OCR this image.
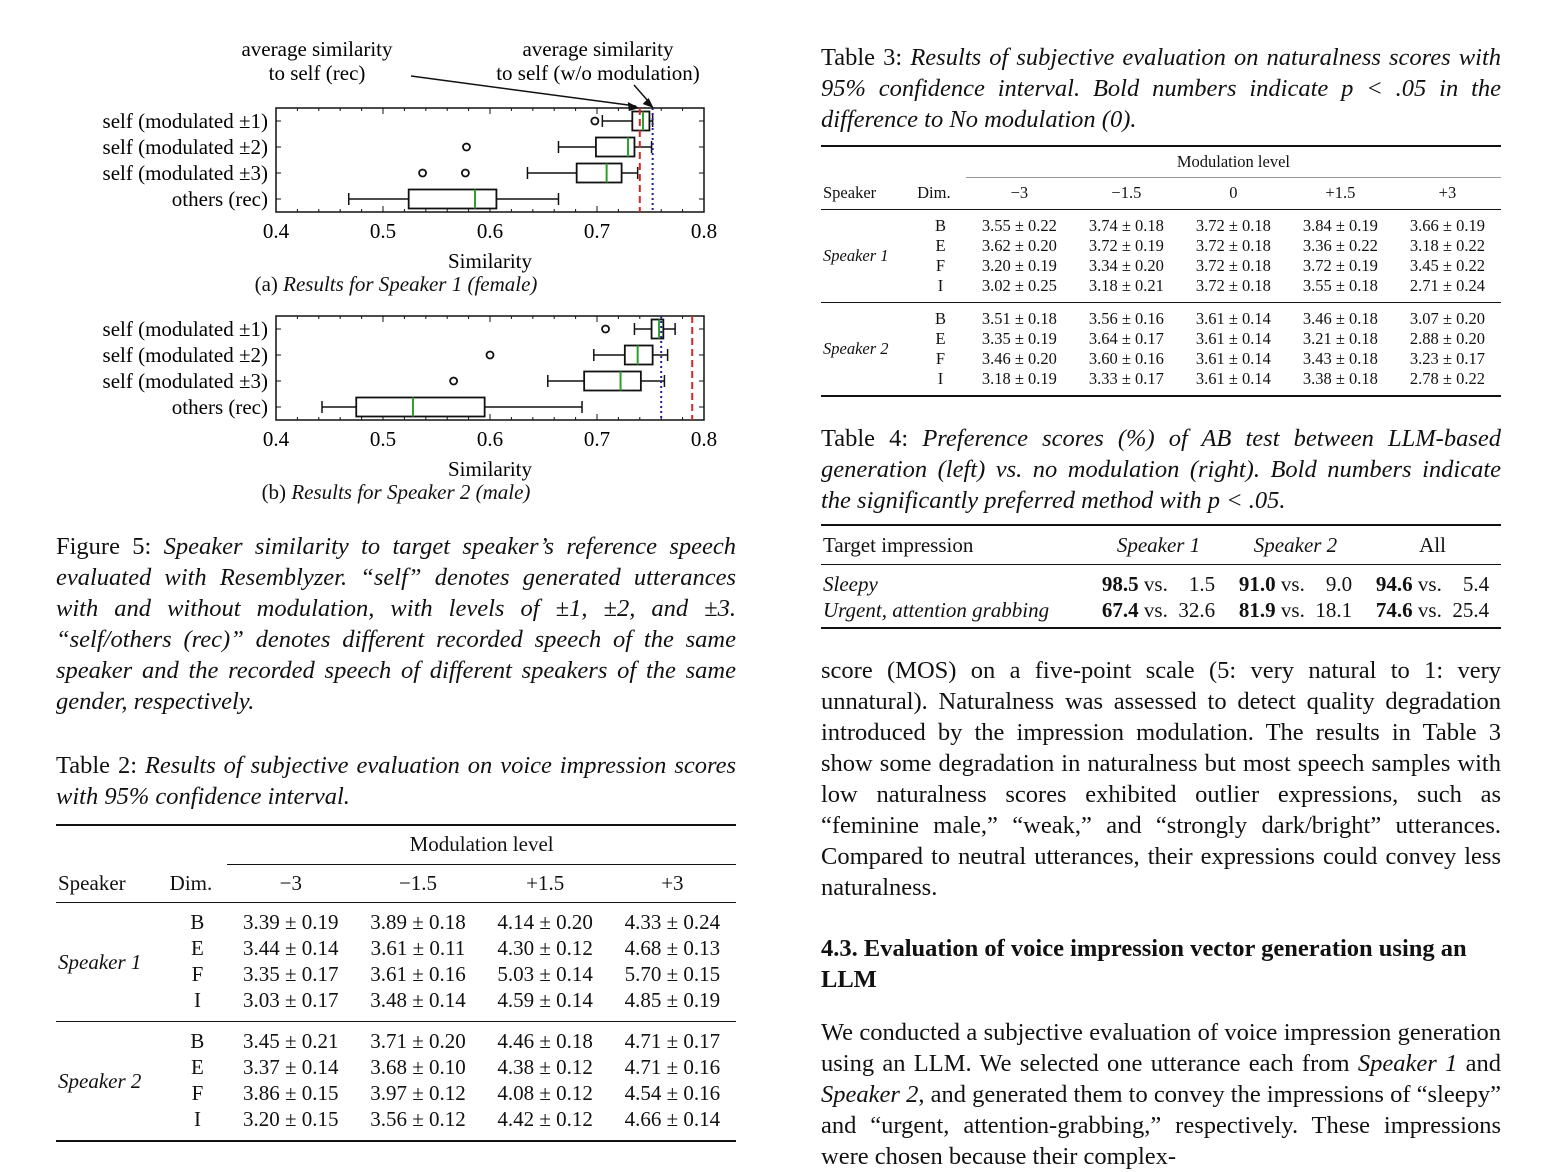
average similarity
to self (rec)
average similarity
to self (w/o modulation)
0.4	0.5	0.6	0.7	0.8
Similarity
self (modulated ±1)
self (modulated ±2)
self (modulated ±3)
others (rec)
0.4	0.5	0.6	0.7	0.8
Similarity
self (modulated ±1)
self (modulated ±2)
self (modulated ±3)
others (rec)

(a) Results for Speaker 1 (female)

(b) Results for Speaker 2 (male)

Figure 5: Speaker similarity to target speaker’s reference speech evaluated with Resemblyzer. “self” denotes generated utterances with and without modulation, with levels of ±1, ±2, and ±3. “self/others (rec)” denotes different recorded speech of the same speaker and the recorded speech of different speakers of the same gender, respectively.

Table 2: Results of subjective evaluation on voice impression scores with 95% confidence interval.

		Modulation level			
Speaker	Dim.	−3	−1.5	+1.5	+3
Speaker 1	B	3.39 ± 0.19	3.89 ± 0.18	4.14 ± 0.20	4.33 ± 0.24
	E	3.44 ± 0.14	3.61 ± 0.11	4.30 ± 0.12	4.68 ± 0.13
	F	3.35 ± 0.17	3.61 ± 0.16	5.03 ± 0.14	5.70 ± 0.15
	I	3.03 ± 0.17	3.48 ± 0.14	4.59 ± 0.14	4.85 ± 0.19
Speaker 2	B	3.45 ± 0.21	3.71 ± 0.20	4.46 ± 0.18	4.71 ± 0.17
	E	3.37 ± 0.14	3.68 ± 0.10	4.38 ± 0.12	4.71 ± 0.16
	F	3.86 ± 0.15	3.97 ± 0.12	4.08 ± 0.12	4.54 ± 0.16
	I	3.20 ± 0.15	3.56 ± 0.12	4.42 ± 0.12	4.66 ± 0.14

Table 3: Results of subjective evaluation on naturalness scores with 95% confidence interval. Bold numbers indicate p < .05 in the difference to No modulation (0).

		Modulation level				
Speaker	Dim.	−3	−1.5	0	+1.5	+3
Speaker 1	B	3.55 ± 0.22	3.74 ± 0.18	3.72 ± 0.18	3.84 ± 0.19	3.66 ± 0.19
	E	3.62 ± 0.20	3.72 ± 0.19	3.72 ± 0.18	3.36 ± 0.22	3.18 ± 0.22
	F	3.20 ± 0.19	3.34 ± 0.20	3.72 ± 0.18	3.72 ± 0.19	3.45 ± 0.22
	I	3.02 ± 0.25	3.18 ± 0.21	3.72 ± 0.18	3.55 ± 0.18	2.71 ± 0.24
Speaker 2	B	3.51 ± 0.18	3.56 ± 0.16	3.61 ± 0.14	3.46 ± 0.18	3.07 ± 0.20
	E	3.35 ± 0.19	3.64 ± 0.17	3.61 ± 0.14	3.21 ± 0.18	2.88 ± 0.20
	F	3.46 ± 0.20	3.60 ± 0.16	3.61 ± 0.14	3.43 ± 0.18	3.23 ± 0.17
	I	3.18 ± 0.19	3.33 ± 0.17	3.61 ± 0.14	3.38 ± 0.18	2.78 ± 0.22

Table 4: Preference scores (%) of AB test between LLM-based generation (left) vs. no modulation (right). Bold numbers indicate the significantly preferred method with p < .05.

Target impression	Speaker 1	Speaker 2	All
Sleepy	98.5 vs. 1.5	91.0 vs. 9.0	94.6 vs. 5.4
Urgent, attention grabbing	67.4 vs. 32.6	81.9 vs. 18.1	74.6 vs. 25.4

score (MOS) on a five-point scale (5: very natural to 1: very unnatural). Naturalness was assessed to detect quality degradation introduced by the impression modulation. The results in Table 3 show some degradation in naturalness but most speech samples with low naturalness scores exhibited outlier expressions, such as “feminine male,” “weak,” and “strongly dark/bright” utterances. Compared to neutral utterances, their expressions could convey less naturalness.

4.3. Evaluation of voice impression vector generation using an LLM

We conducted a subjective evaluation of voice impression generation using an LLM. We selected one utterance each from Speaker 1 and Speaker 2, and generated them to convey the impressions of “sleepy” and “urgent, attention-grabbing,” respectively. These impressions were chosen because their complex-
